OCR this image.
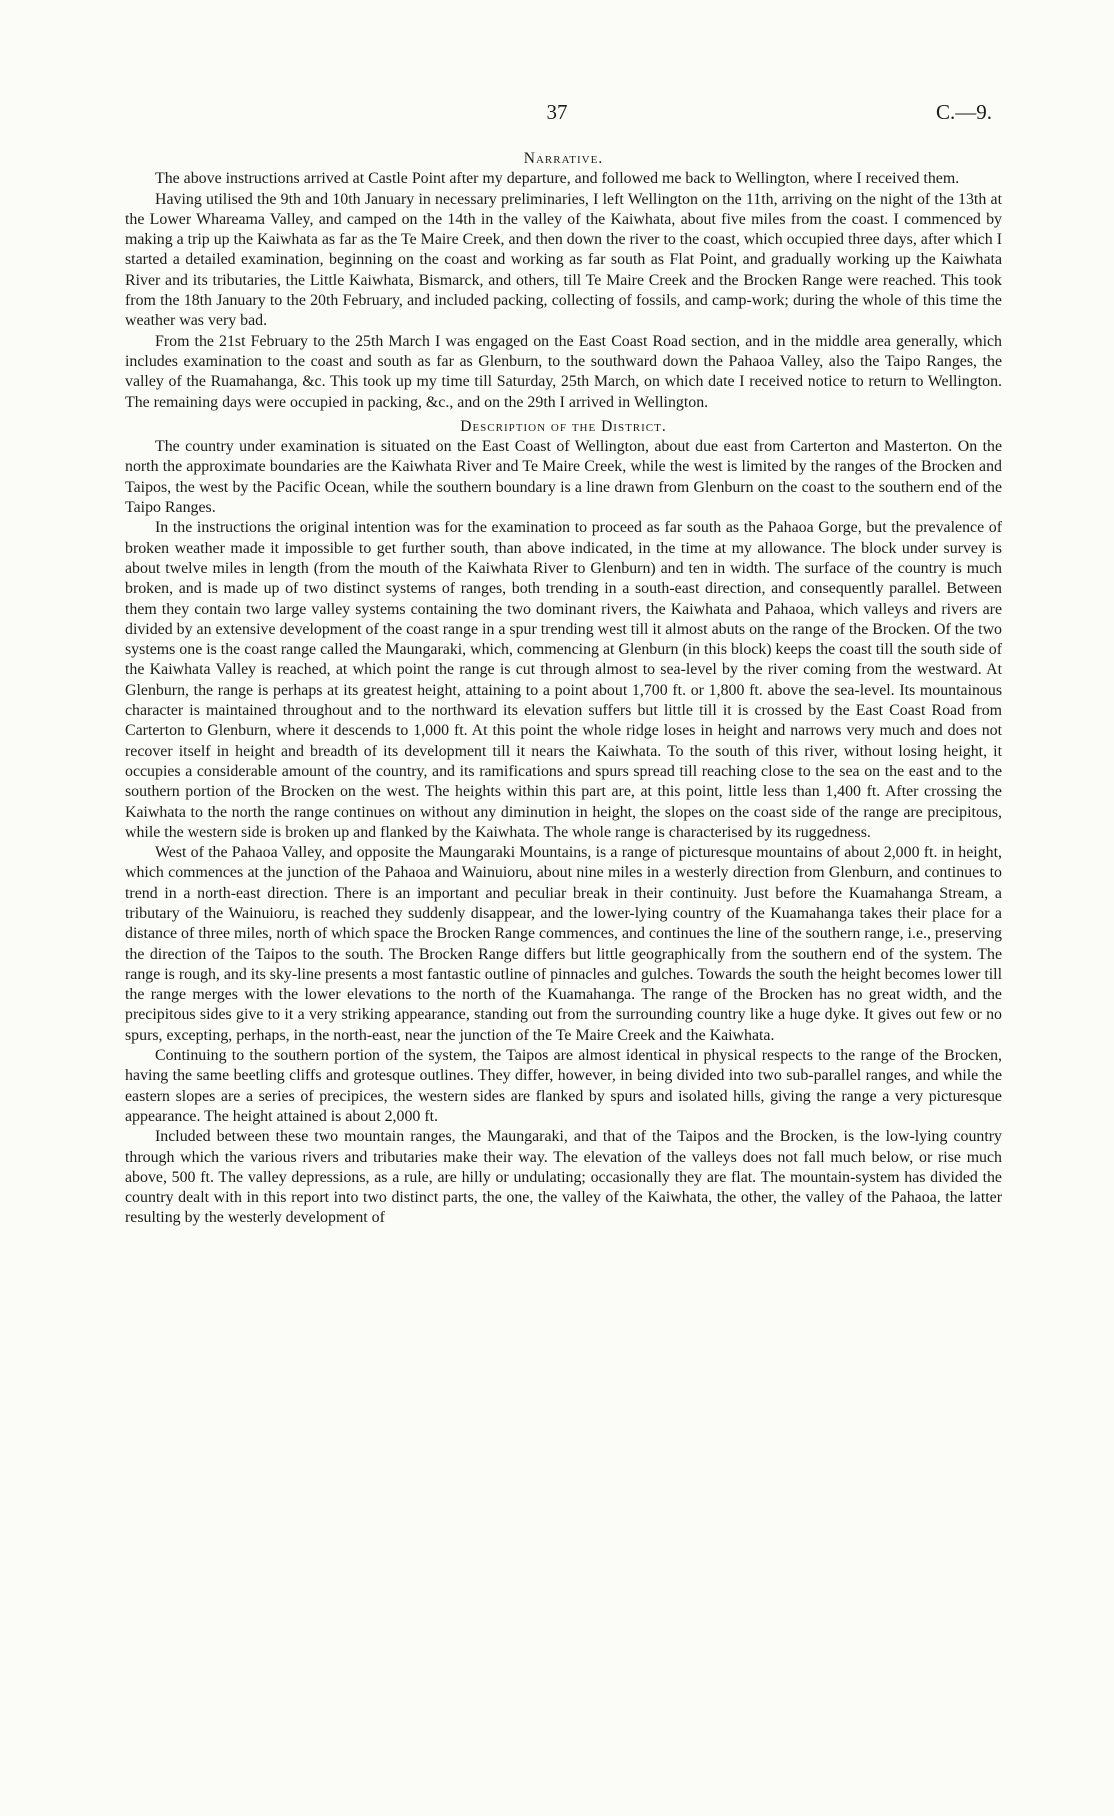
37	C.—9.

Narrative.

The above instructions arrived at Castle Point after my departure, and followed me back to Wellington, where I received them.

Having utilised the 9th and 10th January in necessary preliminaries, I left Wellington on the 11th, arriving on the night of the 13th at the Lower Whareama Valley, and camped on the 14th in the valley of the Kaiwhata, about five miles from the coast. I commenced by making a trip up the Kaiwhata as far as the Te Maire Creek, and then down the river to the coast, which occupied three days, after which I started a detailed examination, beginning on the coast and working as far south as Flat Point, and gradually working up the Kaiwhata River and its tributaries, the Little Kaiwhata, Bismarck, and others, till Te Maire Creek and the Brocken Range were reached. This took from the 18th January to the 20th February, and included packing, collecting of fossils, and camp-work; during the whole of this time the weather was very bad.

From the 21st February to the 25th March I was engaged on the East Coast Road section, and in the middle area generally, which includes examination to the coast and south as far as Glenburn, to the southward down the Pahaoa Valley, also the Taipo Ranges, the valley of the Ruamahanga, &c. This took up my time till Saturday, 25th March, on which date I received notice to return to Wellington. The remaining days were occupied in packing, &c., and on the 29th I arrived in Wellington.

Description of the District.

The country under examination is situated on the East Coast of Wellington, about due east from Carterton and Masterton. On the north the approximate boundaries are the Kaiwhata River and Te Maire Creek, while the west is limited by the ranges of the Brocken and Taipos, the west by the Pacific Ocean, while the southern boundary is a line drawn from Glenburn on the coast to the southern end of the Taipo Ranges.

In the instructions the original intention was for the examination to proceed as far south as the Pahaoa Gorge, but the prevalence of broken weather made it impossible to get further south, than above indicated, in the time at my allowance. The block under survey is about twelve miles in length (from the mouth of the Kaiwhata River to Glenburn) and ten in width. The surface of the country is much broken, and is made up of two distinct systems of ranges, both trending in a south-east direction, and consequently parallel. Between them they contain two large valley systems containing the two dominant rivers, the Kaiwhata and Pahaoa, which valleys and rivers are divided by an extensive development of the coast range in a spur trending west till it almost abuts on the range of the Brocken. Of the two systems one is the coast range called the Maungaraki, which, commencing at Glenburn (in this block) keeps the coast till the south side of the Kaiwhata Valley is reached, at which point the range is cut through almost to sea-level by the river coming from the westward. At Glenburn, the range is perhaps at its greatest height, attaining to a point about 1,700 ft. or 1,800 ft. above the sea-level. Its mountainous character is maintained throughout and to the northward its elevation suffers but little till it is crossed by the East Coast Road from Carterton to Glenburn, where it descends to 1,000 ft. At this point the whole ridge loses in height and narrows very much and does not recover itself in height and breadth of its development till it nears the Kaiwhata. To the south of this river, without losing height, it occupies a considerable amount of the country, and its ramifications and spurs spread till reaching close to the sea on the east and to the southern portion of the Brocken on the west. The heights within this part are, at this point, little less than 1,400 ft. After crossing the Kaiwhata to the north the range continues on without any diminution in height, the slopes on the coast side of the range are precipitous, while the western side is broken up and flanked by the Kaiwhata. The whole range is characterised by its ruggedness.

West of the Pahaoa Valley, and opposite the Maungaraki Mountains, is a range of picturesque mountains of about 2,000 ft. in height, which commences at the junction of the Pahaoa and Wainuioru, about nine miles in a westerly direction from Glenburn, and continues to trend in a north-east direction. There is an important and peculiar break in their continuity. Just before the Kuamahanga Stream, a tributary of the Wainuioru, is reached they suddenly disappear, and the lower-lying country of the Kuamahanga takes their place for a distance of three miles, north of which space the Brocken Range commences, and continues the line of the southern range, i.e., preserving the direction of the Taipos to the south. The Brocken Range differs but little geographically from the southern end of the system. The range is rough, and its sky-line presents a most fantastic outline of pinnacles and gulches. Towards the south the height becomes lower till the range merges with the lower elevations to the north of the Kuamahanga. The range of the Brocken has no great width, and the precipitous sides give to it a very striking appearance, standing out from the surrounding country like a huge dyke. It gives out few or no spurs, excepting, perhaps, in the north-east, near the junction of the Te Maire Creek and the Kaiwhata.

Continuing to the southern portion of the system, the Taipos are almost identical in physical respects to the range of the Brocken, having the same beetling cliffs and grotesque outlines. They differ, however, in being divided into two sub-parallel ranges, and while the eastern slopes are a series of precipices, the western sides are flanked by spurs and isolated hills, giving the range a very picturesque appearance. The height attained is about 2,000 ft.

Included between these two mountain ranges, the Maungaraki, and that of the Taipos and the Brocken, is the low-lying country through which the various rivers and tributaries make their way. The elevation of the valleys does not fall much below, or rise much above, 500 ft. The valley depressions, as a rule, are hilly or undulating; occasionally they are flat. The mountain-system has divided the country dealt with in this report into two distinct parts, the one, the valley of the Kaiwhata, the other, the valley of the Pahaoa, the latter resulting by the westerly development of
